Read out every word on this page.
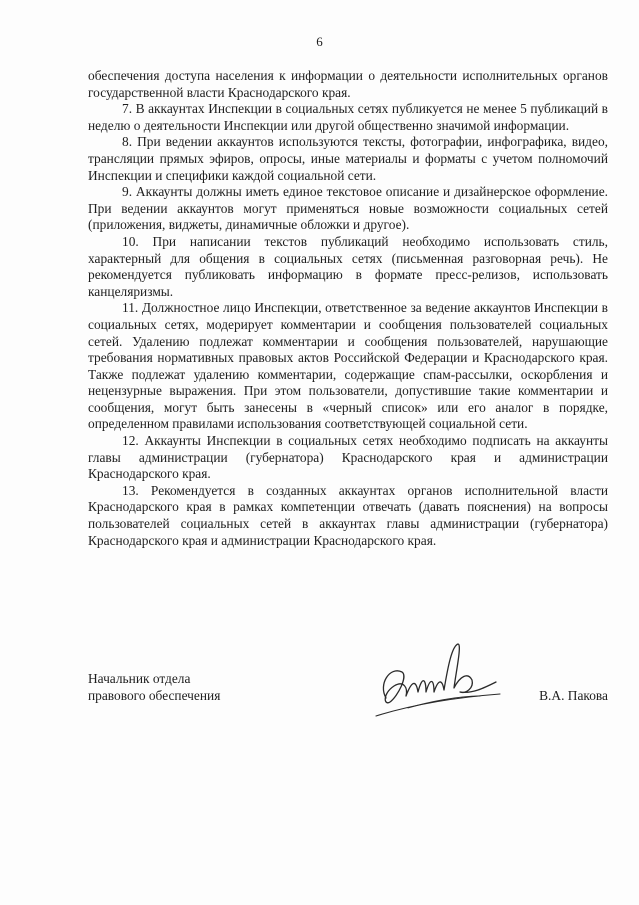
6

обеспечения доступа населения к информации о деятельности исполнительных органов государственной власти Краснодарского края.

7. В аккаунтах Инспекции в социальных сетях публикуется не менее 5 публикаций в неделю о деятельности Инспекции или другой общественно значимой информации.

8. При ведении аккаунтов используются тексты, фотографии, инфографика, видео, трансляции прямых эфиров, опросы, иные материалы и форматы с учетом полномочий Инспекции и специфики каждой социальной сети.

9. Аккаунты должны иметь единое текстовое описание и дизайнерское оформление. При ведении аккаунтов могут применяться новые возможности социальных сетей (приложения, виджеты, динамичные обложки и другое).

10. При написании текстов публикаций необходимо использовать стиль, характерный для общения в социальных сетях (письменная разговорная речь). Не рекомендуется публиковать информацию в формате пресс-релизов, использовать канцеляризмы.

11. Должностное лицо Инспекции, ответственное за ведение аккаунтов Инспекции в социальных сетях, модерирует комментарии и сообщения пользователей социальных сетей. Удалению подлежат комментарии и сообщения пользователей, нарушающие требования нормативных правовых актов Российской Федерации и Краснодарского края. Также подлежат удалению комментарии, содержащие спам-рассылки, оскорбления и нецензурные выражения. При этом пользователи, допустившие такие комментарии и сообщения, могут быть занесены в «черный список» или его аналог в порядке, определенном правилами использования соответствующей социальной сети.

12. Аккаунты Инспекции в социальных сетях необходимо подписать на аккаунты главы администрации (губернатора) Краснодарского края и администрации Краснодарского края.

13. Рекомендуется в созданных аккаунтах органов исполнительной власти Краснодарского края в рамках компетенции отвечать (давать пояснения) на вопросы пользователей социальных сетей в аккаунтах главы администрации (губернатора) Краснодарского края и администрации Краснодарского края.

Начальник отдела
правового обеспечения	В.А. Пакова
